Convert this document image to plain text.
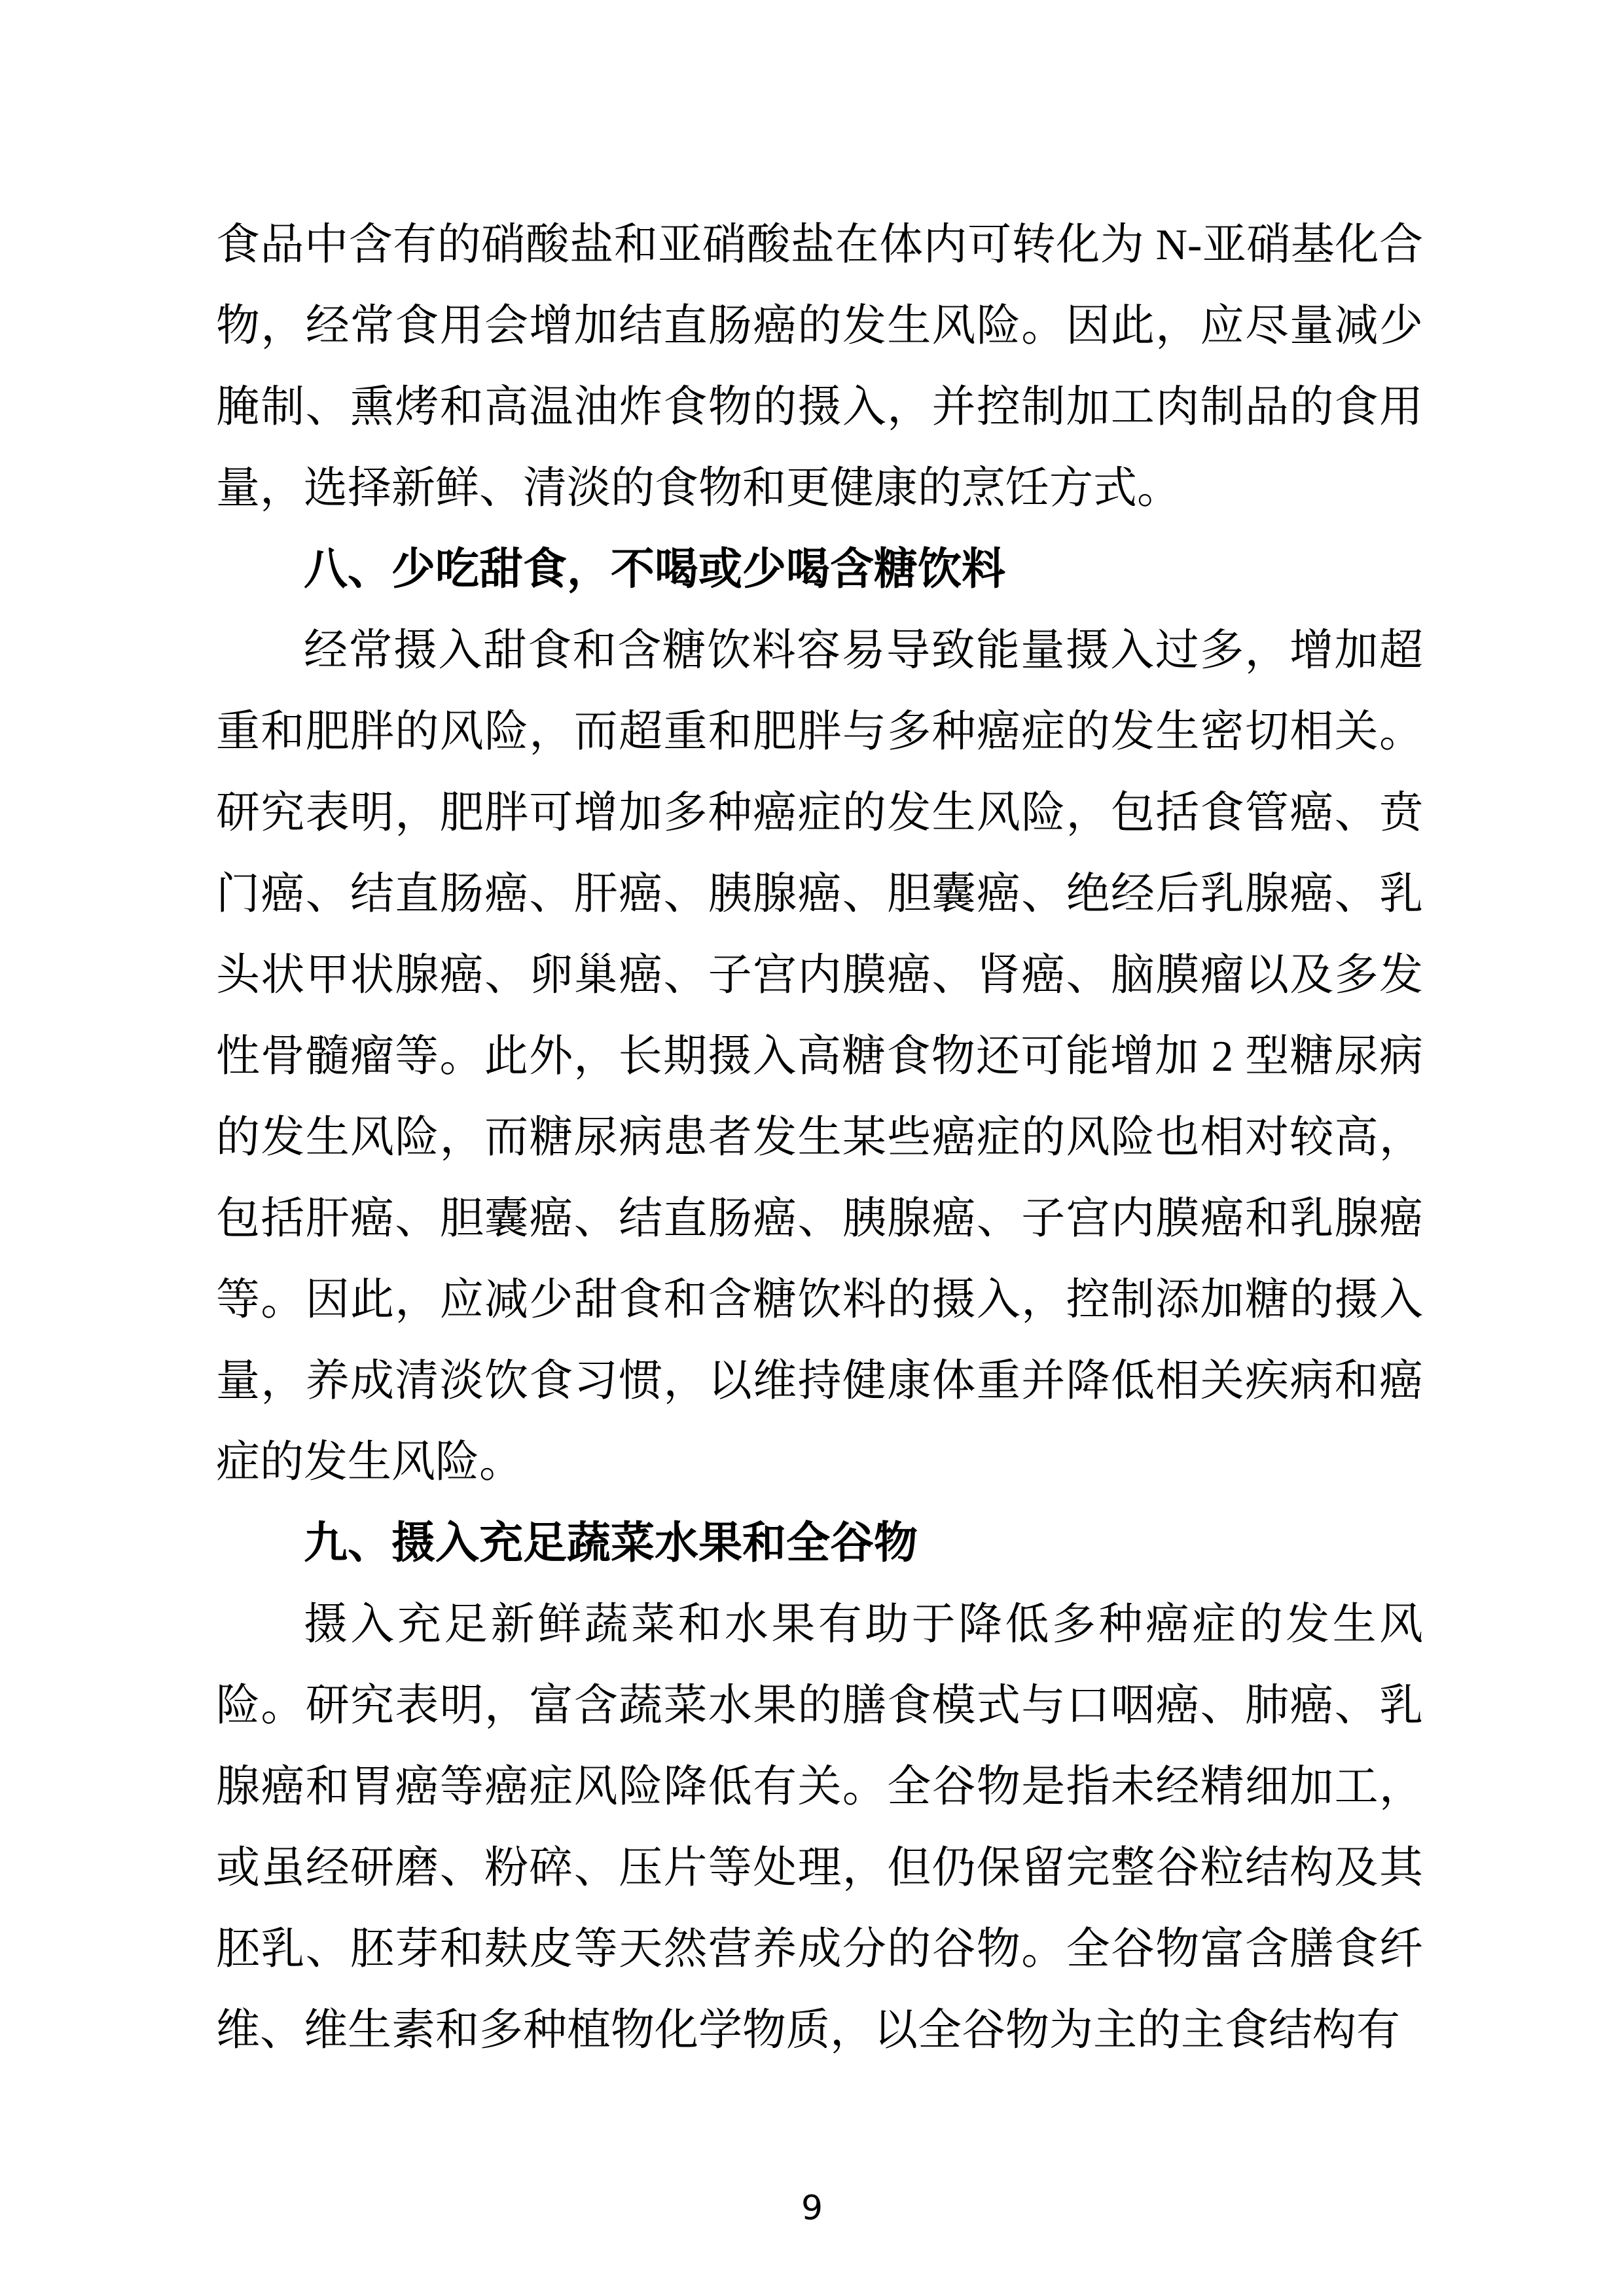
食品中含有的硝酸盐和亚硝酸盐在体内可转化为 N-亚硝基化合物，经常食用会增加结直肠癌的发生风险。因此，应尽量减少腌制、熏烤和高温油炸食物的摄入，并控制加工肉制品的食用量，选择新鲜、清淡的食物和更健康的烹饪方式。

八、少吃甜食，不喝或少喝含糖饮料

经常摄入甜食和含糖饮料容易导致能量摄入过多，增加超重和肥胖的风险，而超重和肥胖与多种癌症的发生密切相关。研究表明，肥胖可增加多种癌症的发生风险，包括食管癌、贲门癌、结直肠癌、肝癌、胰腺癌、胆囊癌、绝经后乳腺癌、乳头状甲状腺癌、卵巢癌、子宫内膜癌、肾癌、脑膜瘤以及多发性骨髓瘤等。此外，长期摄入高糖食物还可能增加 2 型糖尿病的发生风险，而糖尿病患者发生某些癌症的风险也相对较高，包括肝癌、胆囊癌、结直肠癌、胰腺癌、子宫内膜癌和乳腺癌等。因此，应减少甜食和含糖饮料的摄入，控制添加糖的摄入量，养成清淡饮食习惯，以维持健康体重并降低相关疾病和癌症的发生风险。

九、摄入充足蔬菜水果和全谷物

摄入充足新鲜蔬菜和水果有助于降低多种癌症的发生风险。研究表明，富含蔬菜水果的膳食模式与口咽癌、肺癌、乳腺癌和胃癌等癌症风险降低有关。全谷物是指未经精细加工，或虽经研磨、粉碎、压片等处理，但仍保留完整谷粒结构及其胚乳、胚芽和麸皮等天然营养成分的谷物。全谷物富含膳食纤维、维生素和多种植物化学物质，以全谷物为主的主食结构有

9
